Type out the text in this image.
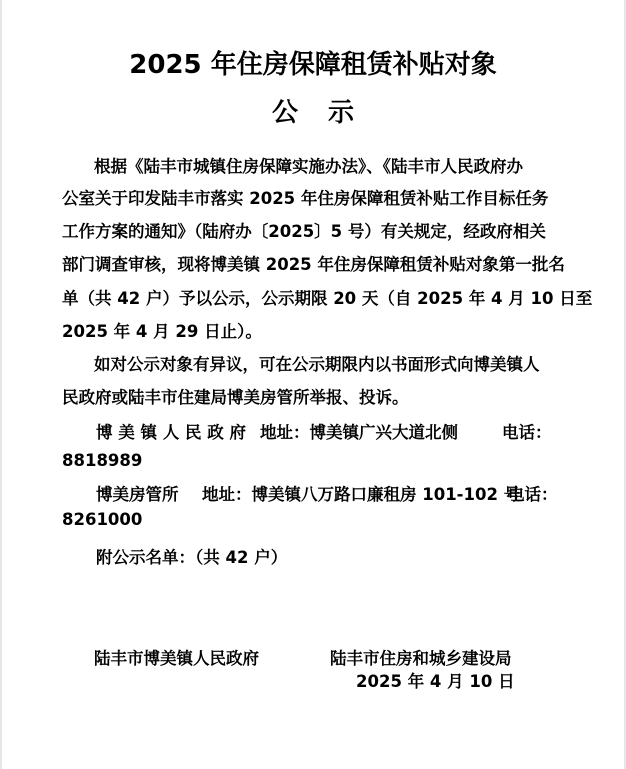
2025 年住房保障租赁补贴对象
公示
根据《陆丰市城镇住房保障实施办法》、《陆丰市人民政府办
公室关于印发陆丰市落实 2025 年住房保障租赁补贴工作目标任务
工作方案的通知》（陆府办〔2025〕5 号）有关规定，经政府相关
部门调查审核，现将博美镇 2025 年住房保障租赁补贴对象第一批名
单（共 42 户）予以公示，公示期限 20 天（自 2025 年 4 月 10 日至
2025 年 4 月 29 日止）。
如对公示对象有异议，可在公示期限内以书面形式向博美镇人
民政府或陆丰市住建局博美房管所举报、投诉。
博 美 镇 人 民 政 府 地址：博美镇广兴大道北侧	电话：
8818989
博美房管所 地址：博美镇八万路口廉租房 101-102 号
电话：
8261000
附公示名单：（共 42 户）
陆丰市博美镇人民政府	陆丰市住房和城乡建设局
2025 年 4 月 10 日
